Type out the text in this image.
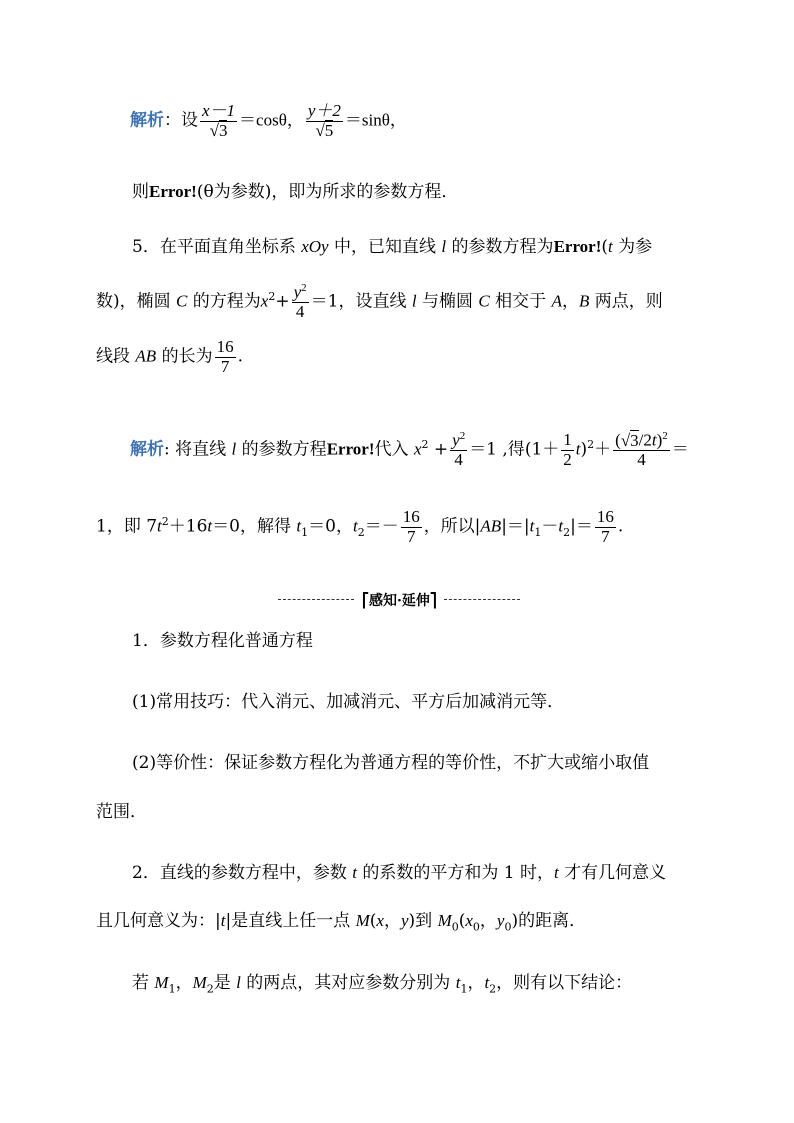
解析：设 x－1
√ 3 ＝cosθ， y＋2
√ 5 ＝sinθ，
则Error!(θ为参数)，即为所求的参数方程．
5．在平面直角坐标系 xOy 中，已知直线 l 的参数方程为Error!(t 为参
数)，椭圆 C 的方程为$x^2+ \frac{y^2}{4} =1$，设直线 l 与椭圆 C 相交于 A，B 两点，则
线段 AB 的长为 $\frac{16}{7}$ .
解析: 将直线 l 的参数方程Error!代入 $x^2 + \frac{y^2}{4} =1$ ,得$(1+ \frac{1}{2} t)^2+ \frac{(√ 3/2t)^2}{4}$ ＝
1，即 $7t^2+16t=0$，解得 $t_1=0$，$t_2=- \frac{16}{7}$ ，所以$|AB|=|t_1-t_2|= \frac{16}{7}$ .
⎡ 感知·延伸 ⎤
1．参数方程化普通方程
(1)常用技巧：代入消元、加减消元、平方后加减消元等．
(2)等价性：保证参数方程化为普通方程的等价性，不扩大或缩小取值
范围．
2．直线的参数方程中，参数 t 的系数的平方和为 1 时，t 才有几何意义
且几何意义为：|t|是直线上任一点 M(x，y)到 $M_0(x_0$，$y_0$)的距离．
若 $M_1$，$M_2$是 l 的两点，其对应参数分别为 $t_1$，$t_2$，则有以下结论：
